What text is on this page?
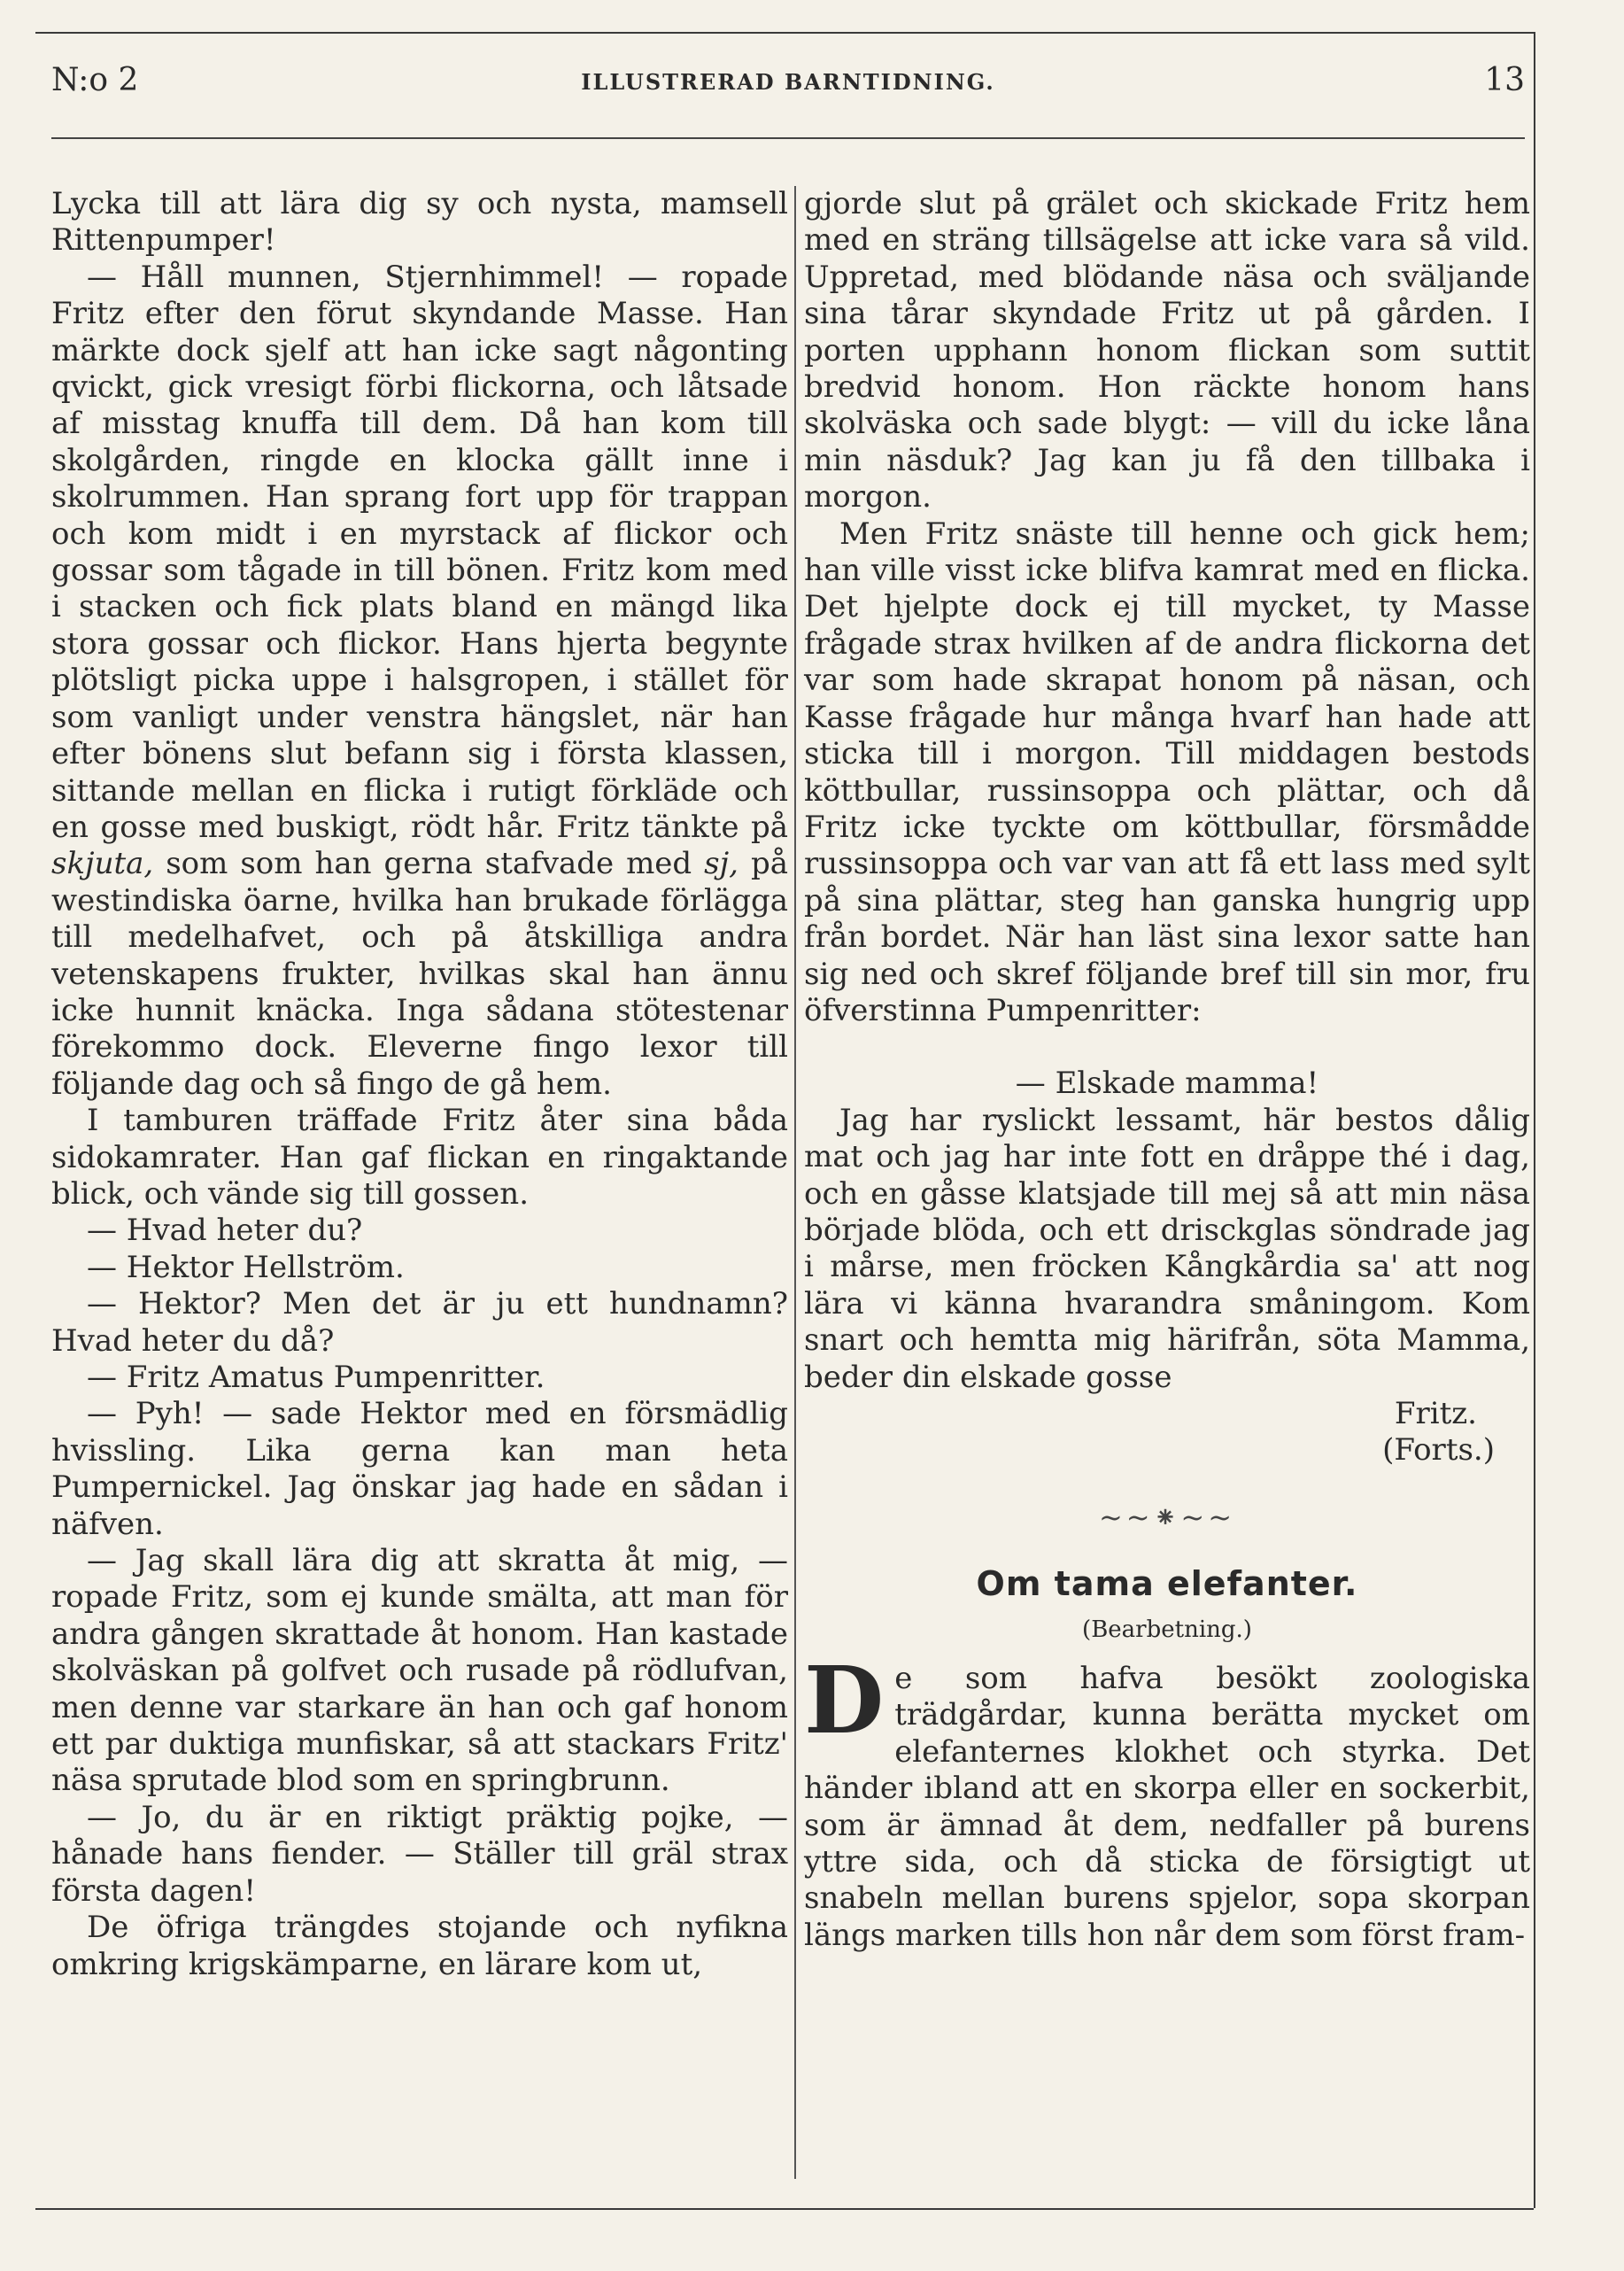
N:o 2	ILLUSTRERAD BARNTIDNING.	13

Lycka till att lära dig sy och nysta, mamsell Rittenpumper!

— Håll munnen, Stjernhimmel! — ropade Fritz efter den förut skyndande Masse. Han märkte dock sjelf att han icke sagt någonting qvickt, gick vresigt förbi flickorna, och låtsade af misstag knuffa till dem. Då han kom till skolgården, ringde en klocka gällt inne i skolrummen. Han sprang fort upp för trappan och kom midt i en myrstack af flickor och gossar som tågade in till bönen. Fritz kom med i stacken och fick plats bland en mängd lika stora gossar och flickor. Hans hjerta begynte plötsligt picka uppe i halsgropen, i stället för som vanligt under venstra hängslet, när han efter bönens slut befann sig i första klassen, sittande mellan en flicka i rutigt förkläde och en gosse med buskigt, rödt hår. Fritz tänkte på skjuta, som som han gerna stafvade med sj, på westindiska öarne, hvilka han brukade förlägga till medelhafvet, och på åtskilliga andra vetenskapens frukter, hvilkas skal han ännu icke hunnit knäcka. Inga sådana stötestenar förekommo dock. Eleverne fingo lexor till följande dag och så fingo de gå hem.

I tamburen träffade Fritz åter sina båda sidokamrater. Han gaf flickan en ringaktande blick, och vände sig till gossen.

— Hvad heter du?

— Hektor Hellström.

— Hektor? Men det är ju ett hundnamn? Hvad heter du då?

— Fritz Amatus Pumpenritter.

— Pyh! — sade Hektor med en försmädlig hvissling. Lika gerna kan man heta Pumpernickel. Jag önskar jag hade en sådan i näfven.

— Jag skall lära dig att skratta åt mig, — ropade Fritz, som ej kunde smälta, att man för andra gången skrattade åt honom. Han kastade skolväskan på golfvet och rusade på rödlufvan, men denne var starkare än han och gaf honom ett par duktiga munfiskar, så att stackars Fritz' näsa sprutade blod som en springbrunn.

— Jo, du är en riktigt präktig pojke, — hånade hans fiender. — Ställer till gräl strax första dagen!

De öfriga trängdes stojande och nyfikna omkring krigskämparne, en lärare kom ut,

gjorde slut på grälet och skickade Fritz hem med en sträng tillsägelse att icke vara så vild. Uppretad, med blödande näsa och sväljande sina tårar skyndade Fritz ut på gården. I porten upphann honom flickan som suttit bredvid honom. Hon räckte honom hans skolväska och sade blygt: — vill du icke låna min näsduk? Jag kan ju få den tillbaka i morgon.

Men Fritz snäste till henne och gick hem; han ville visst icke blifva kamrat med en flicka. Det hjelpte dock ej till mycket, ty Masse frågade strax hvilken af de andra flickorna det var som hade skrapat honom på näsan, och Kasse frågade hur många hvarf han hade att sticka till i morgon. Till middagen bestods köttbullar, russinsoppa och plättar, och då Fritz icke tyckte om köttbullar, försmådde russinsoppa och var van att få ett lass med sylt på sina plättar, steg han ganska hungrig upp från bordet. När han läst sina lexor satte han sig ned och skref följande bref till sin mor, fru öfverstinna Pumpenritter:

— Elskade mamma!

Jag har ryslickt lessamt, här bestos dålig mat och jag har inte fott en dråppe thé i dag, och en gåsse klatsjade till mej så att min näsa började blöda, och ett drisckglas söndrade jag i mårse, men fröcken Kångkårdia sa' att nog lära vi känna hvarandra småningom. Kom snart och hemtta mig härifrån, söta Mamma, beder din elskade gosse

Fritz.

(Forts.)

~~⁕~~
Om tama elefanter.
(Bearbetning.)

De som hafva besökt zoologiska trädgårdar, kunna berätta mycket om elefanternes klokhet och styrka. Det händer ibland att en skorpa eller en sockerbit, som är ämnad åt dem, nedfaller på burens yttre sida, och då sticka de försigtigt ut snabeln mellan burens spjelor, sopa skorpan längs marken tills hon når dem som först fram-
